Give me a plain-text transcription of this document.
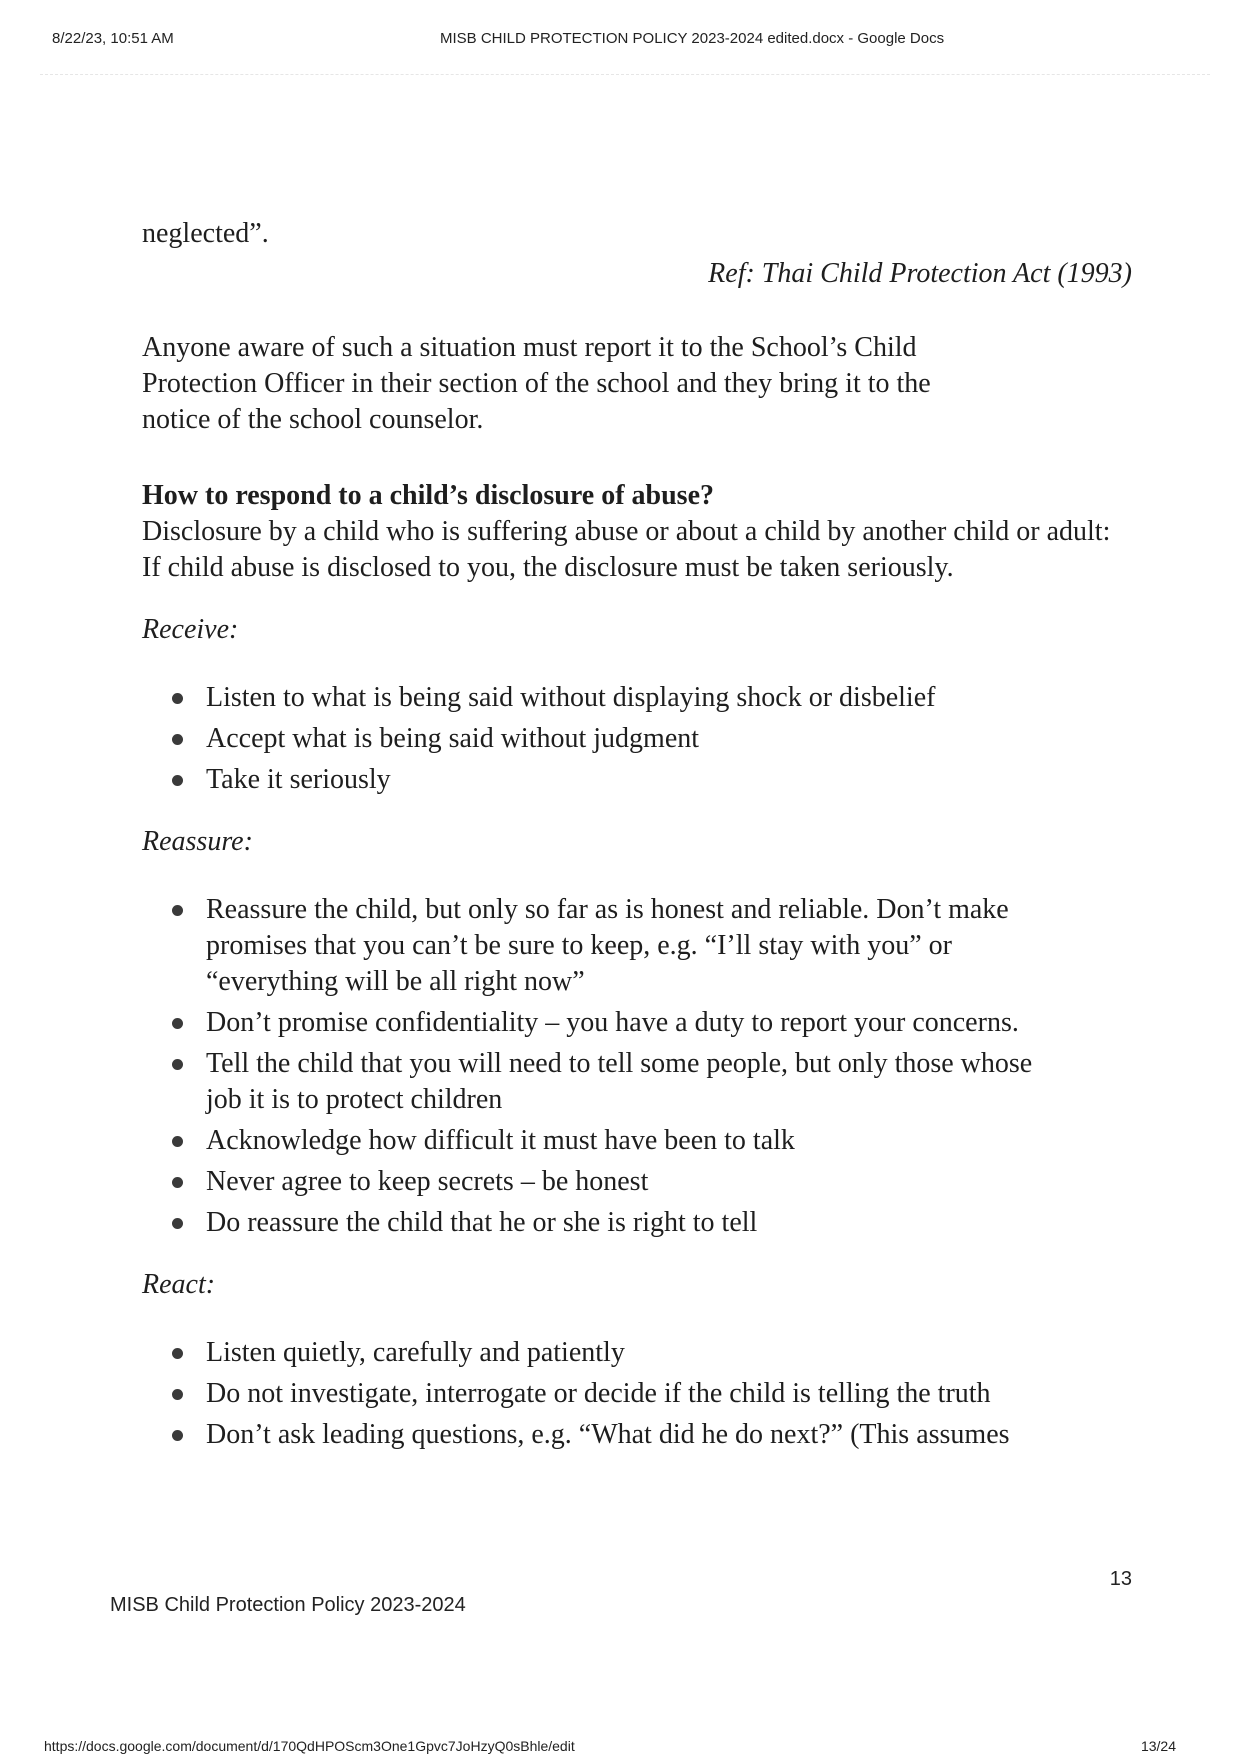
8/22/23, 10:51 AM	MISB CHILD PROTECTION POLICY 2023-2024 edited.docx - Google Docs

neglected”.

Ref: Thai Child Protection Act (1993)

Anyone aware of such a situation must report it to the School’s Child Protection Officer in their section of the school and they bring it to the notice of the school counselor.

How to respond to a child’s disclosure of abuse?

Disclosure by a child who is suffering abuse or about a child by another child or adult:

If child abuse is disclosed to you, the disclosure must be taken seriously.

Receive:

Listen to what is being said without displaying shock or disbelief
Accept what is being said without judgment
Take it seriously

Reassure:

Reassure the child, but only so far as is honest and reliable. Don’t make promises that you can’t be sure to keep, e.g. “I’ll stay with you” or “everything will be all right now”
Don’t promise confidentiality – you have a duty to report your concerns.
Tell the child that you will need to tell some people, but only those whose job it is to protect children
Acknowledge how difficult it must have been to talk
Never agree to keep secrets – be honest
Do reassure the child that he or she is right to tell

React:

Listen quietly, carefully and patiently
Do not investigate, interrogate or decide if the child is telling the truth
Don’t ask leading questions, e.g. “What did he do next?” (This assumes
13
MISB Child Protection Policy 2023-2024
https://docs.google.com/document/d/170QdHPOScm3One1Gpvc7JoHzyQ0sBhle/edit	13/24
